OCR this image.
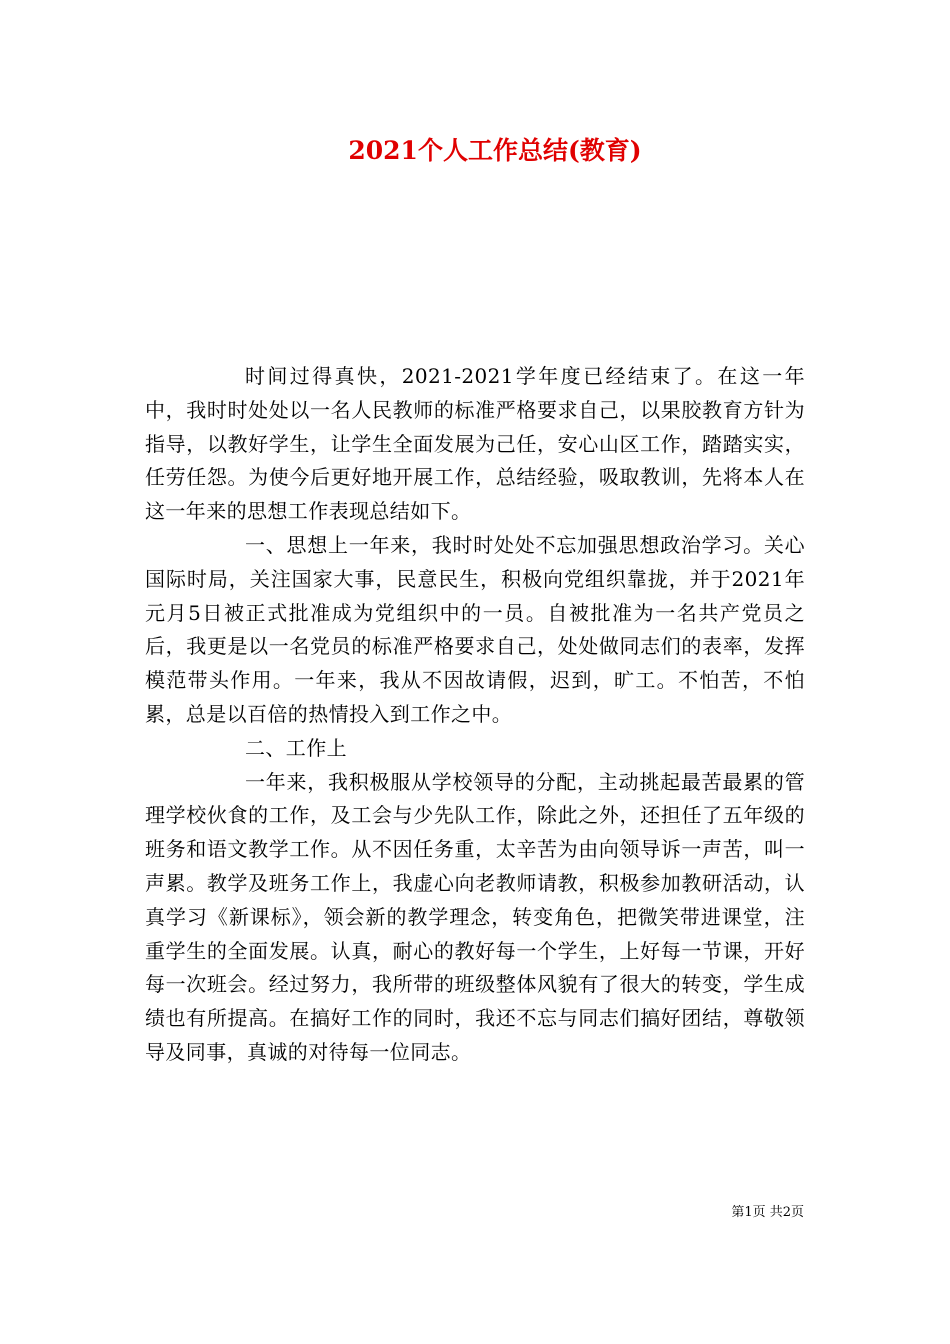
2021个人工作总结(教育)

时间过得真快，2021-2021学年度已经结束了。在这一年中，我时时处处以一名人民教师的标准严格要求自己，以果胶教育方针为指导，以教好学生，让学生全面发展为己任，安心山区工作，踏踏实实，任劳任怨。为使今后更好地开展工作，总结经验，吸取教训，先将本人在这一年来的思想工作表现总结如下。

一、思想上一年来，我时时处处不忘加强思想政治学习。关心国际时局，关注国家大事，民意民生，积极向党组织靠拢，并于2021年元月5日被正式批准成为党组织中的一员。自被批准为一名共产党员之后，我更是以一名党员的标准严格要求自己，处处做同志们的表率，发挥模范带头作用。一年来，我从不因故请假，迟到，旷工。不怕苦，不怕累，总是以百倍的热情投入到工作之中。

二、工作上

一年来，我积极服从学校领导的分配，主动挑起最苦最累的管理学校伙食的工作，及工会与少先队工作，除此之外，还担任了五年级的班务和语文教学工作。从不因任务重，太辛苦为由向领导诉一声苦，叫一声累。教学及班务工作上，我虚心向老教师请教，积极参加教研活动，认真学习《新课标》，领会新的教学理念，转变角色，把微笑带进课堂，注重学生的全面发展。认真，耐心的教好每一个学生，上好每一节课，开好每一次班会。经过努力，我所带的班级整体风貌有了很大的转变，学生成绩也有所提高。在搞好工作的同时，我还不忘与同志们搞好团结，尊敬领导及同事，真诚的对待每一位同志。

第1页 共2页
